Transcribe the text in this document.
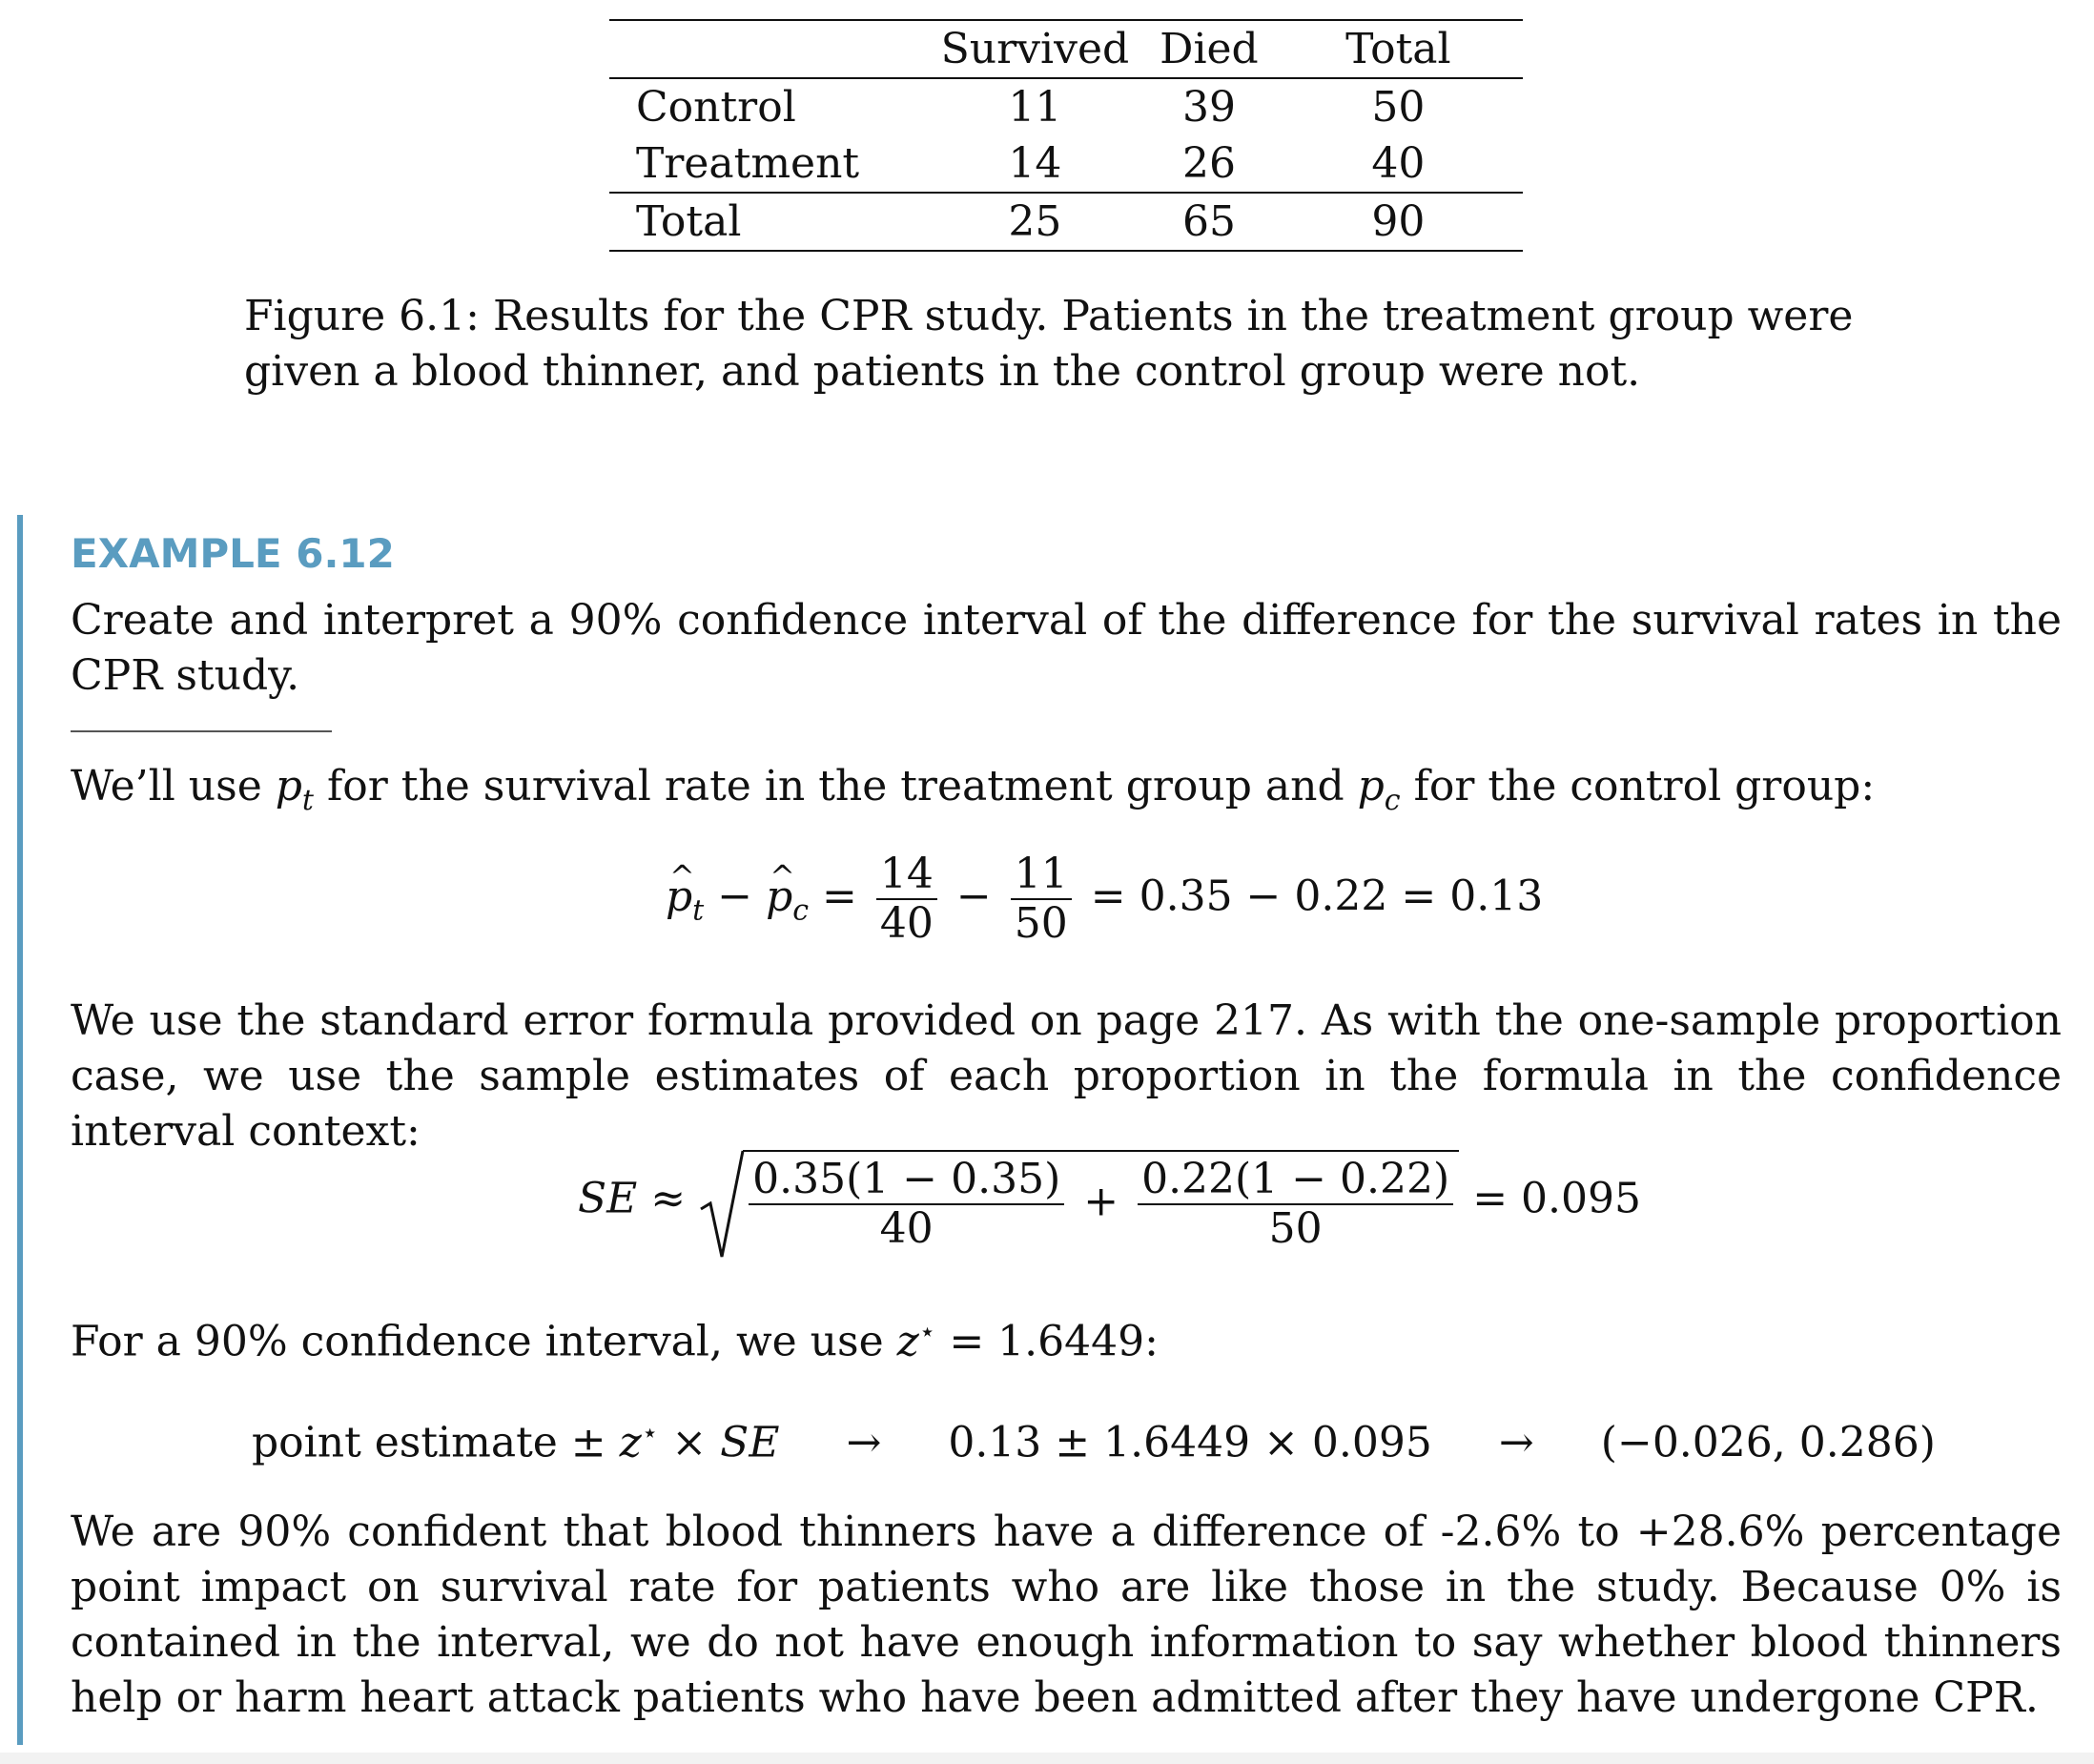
	Survived	Died	Total
Control	11	39	50
Treatment	14	26	40
Total	25	65	90
Figure 6.1: Results for the CPR study. Patients in the treatment group were given a blood thinner, and patients in the control group were not.
EXAMPLE 6.12
Create and interpret a 90% confidence interval of the difference for the survival rates in the CPR study.
We’ll use $p_t$ for the survival rate in the treatment group and $p_c$ for the control group:
^ $p_t$ − ^ $p_c = \frac{14}{40} - \frac{11}{50} = 0.35 - 0.22 = 0.13$
We use the standard error formula provided on page 217. As with the one-sample proportion case, we use the sample estimates of each proportion in the formula in the confidence interval context:
SE ≈ $\frac{0.35(1 - 0.35)}{40} + \frac{0.22(1 - 0.22)}{50} = 0.095$
For a 90% confidence interval, we use z⋆ = 1.6449:
point estimate ± z⋆ × SE → 0.13 ± 1.6449 × 0.095 → (−0.026, 0.286)
We are 90% confident that blood thinners have a difference of -2.6% to +28.6% percentage point impact on survival rate for patients who are like those in the study. Because 0% is contained in the interval, we do not have enough information to say whether blood thinners help or harm heart attack patients who have been admitted after they have undergone CPR.
